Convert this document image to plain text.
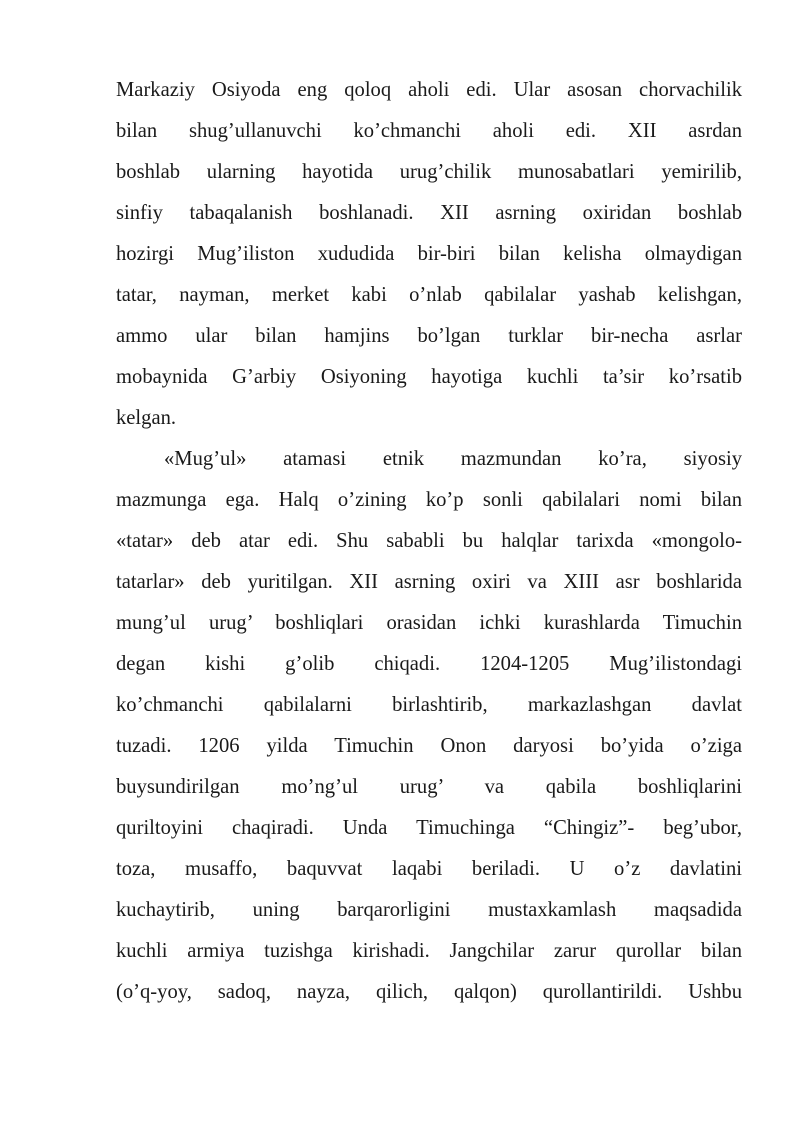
Markaziy Osiyoda eng qoloq aholi edi. Ular asosan chorvachilik
bilan shug’ullanuvchi ko’chmanchi aholi edi. XII asrdan
boshlab ularning hayotida urug’chilik munosabatlari yemirilib,
sinfiy tabaqalanish boshlanadi. XII asrning oxiridan boshlab
hozirgi Mug’iliston xududida bir-biri bilan kelisha olmaydigan
tatar, nayman, merket kabi o’nlab qabilalar yashab kelishgan,
ammo ular bilan hamjins bo’lgan turklar bir-necha asrlar
mobaynida G’arbiy Osiyoning hayotiga kuchli ta’sir ko’rsatib
kelgan.
«Mug’ul» atamasi etnik mazmundan ko’ra, siyosiy
mazmunga ega. Halq o’zining ko’p sonli qabilalari nomi bilan
«tatar» deb atar edi. Shu sababli bu halqlar tarixda «mongolo-
tatarlar» deb yuritilgan. XII asrning oxiri va XIII asr boshlarida
mung’ul urug’ boshliqlari orasidan ichki kurashlarda Timuchin
degan kishi g’olib chiqadi. 1204-1205 Mug’ilistondagi
ko’chmanchi qabilalarni birlashtirib, markazlashgan davlat
tuzadi. 1206 yilda Timuchin Onon daryosi bo’yida o’ziga
buysundirilgan mo’ng’ul urug’ va qabila boshliqlarini
quriltoyini chaqiradi. Unda Timuchinga “Chingiz”- beg’ubor,
toza, musaffo, baquvvat laqabi beriladi. U o’z davlatini
kuchaytirib, uning barqarorligini mustaxkamlash maqsadida
kuchli armiya tuzishga kirishadi. Jangchilar zarur qurollar bilan
(o’q-yoy, sadoq, nayza, qilich, qalqon) qurollantirildi. Ushbu
